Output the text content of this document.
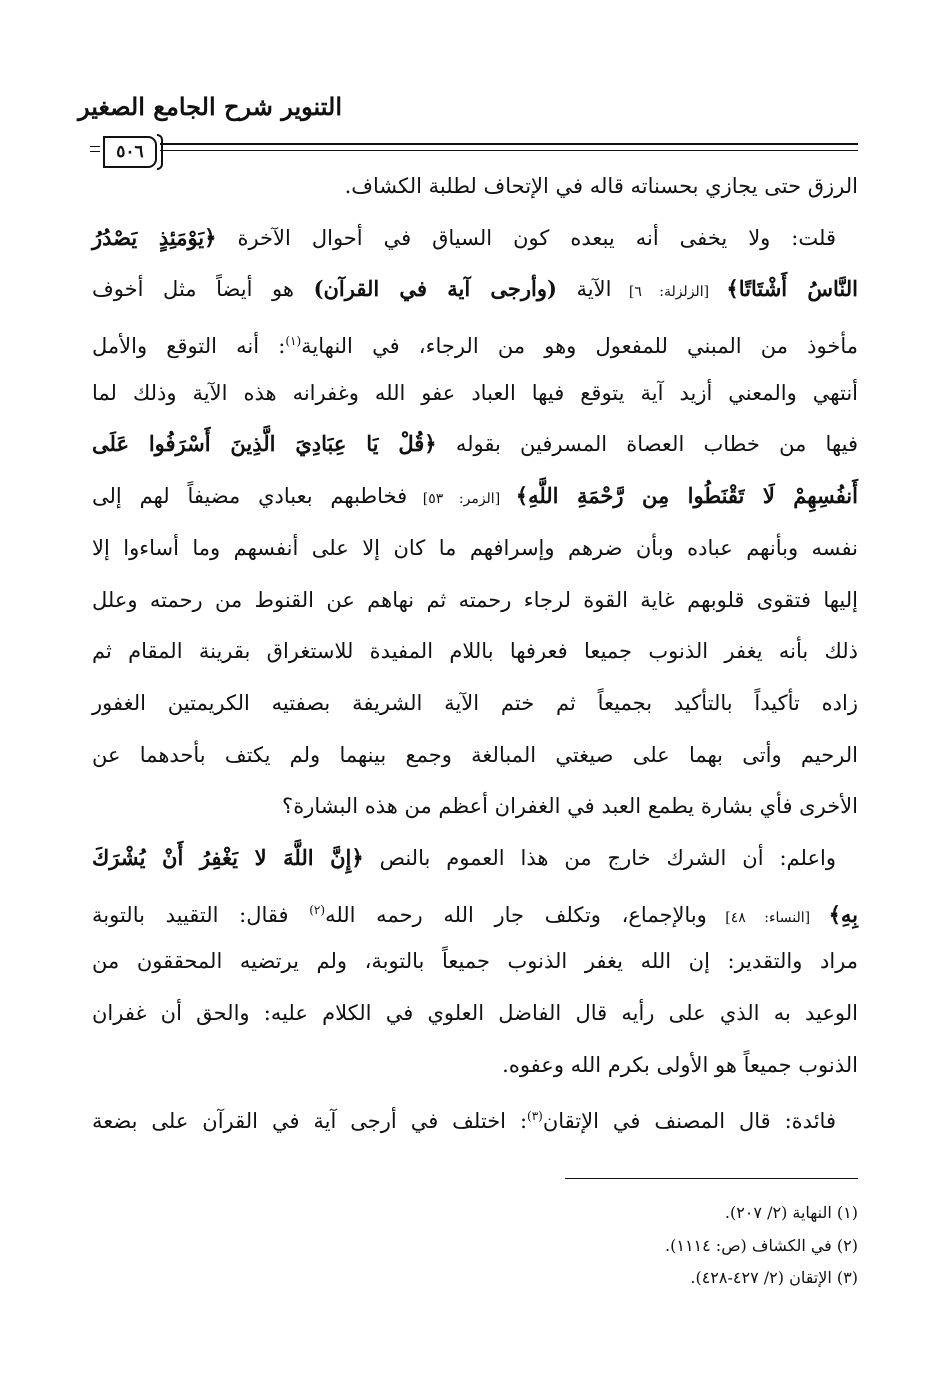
التنوير شرح الجامع الصغير
٥٠٦
الرزق حتى يجازي بحسناته قاله في الإتحاف لطلبة الكشاف.
قلت: ولا يخفى أنه يبعده كون السياق في أحوال الآخرة ﴿يَوْمَئِذٍ يَصْدُرُ
النَّاسُ أَشْتَاتًا﴾ [الزلزلة: ٦] الآية (وأرجى آية في القرآن) هو أيضاً مثل أخوف
مأخوذ من المبني للمفعول وهو من الرجاء، في النهاية$^{(١)}$: أنه التوقع والأمل
أنتهي والمعني أزيد آية يتوقع فيها العباد عفو الله وغفرانه هذه الآية وذلك لما
فيها من خطاب العصاة المسرفين بقوله ﴿قُلْ يَا عِبَادِيَ الَّذِينَ أَسْرَفُوا عَلَى
أَنفُسِهِمْ لَا تَقْنَطُوا مِن رَّحْمَةِ اللَّهِ﴾ [الزمر: ٥٣] فخاطبهم بعبادي مضيفاً لهم إلى
نفسه وبأنهم عباده وبأن ضرهم وإسرافهم ما كان إلا على أنفسهم وما أساءوا إلا
إليها فتقوى قلوبهم غاية القوة لرجاء رحمته ثم نهاهم عن القنوط من رحمته وعلل
ذلك بأنه يغفر الذنوب جميعا فعرفها باللام المفيدة للاستغراق بقرينة المقام ثم
زاده تأكيداً بالتأكيد بجميعاً ثم ختم الآية الشريفة بصفتيه الكريمتين الغفور
الرحيم وأتى بهما على صيغتي المبالغة وجمع بينهما ولم يكتف بأحدهما عن
الأخرى فأي بشارة يطمع العبد في الغفران أعظم من هذه البشارة؟
واعلم: أن الشرك خارج من هذا العموم بالنص ﴿إِنَّ اللَّهَ لا يَغْفِرُ أَنْ يُشْرَكَ
بِهِ﴾ [النساء: ٤٨] وبالإجماع، وتكلف جار الله رحمه الله$^{(٢)}$ فقال: التقييد بالتوبة
مراد والتقدير: إن الله يغفر الذنوب جميعاً بالتوبة، ولم يرتضيه المحققون من
الوعيد به الذي على رأيه قال الفاضل العلوي في الكلام عليه: والحق أن غفران
الذنوب جميعاً هو الأولى بكرم الله وعفوه.
فائدة: قال المصنف في الإتقان$^{(٣)}$: اختلف في أرجى آية في القرآن على بضعة
(١) النهاية (٢/ ٢٠٧).
(٢) في الكشاف (ص: ١١١٤).
(٣) الإتقان (٢/ ٤٢٧-٤٢٨).
